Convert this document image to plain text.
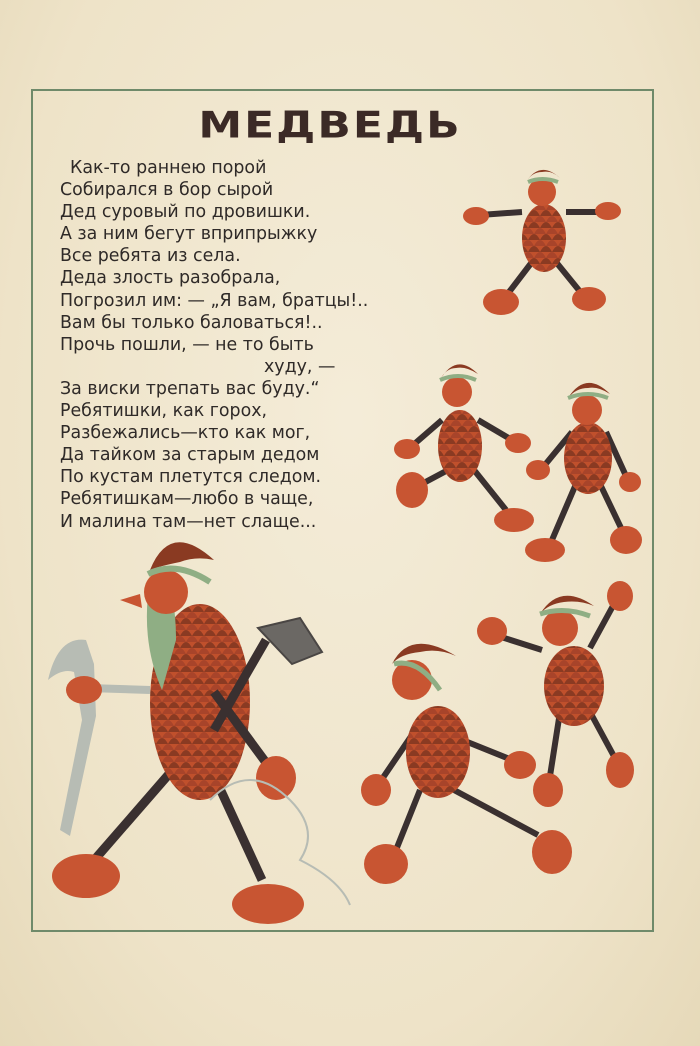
МЕДВЕДЬ
Как-то раннею порой
Собирался в бор сырой
Дед суровый по дровишки.
А за ним бегут вприпрыжку
Все ребята из села.
Деда злость разобрала,
Погрозил им: — „Я вам, братцы!..
Вам бы только баловаться!..
Прочь пошли, — не то быть
худу, —
За виски трепать вас буду.“
Ребятишки, как горох,
Разбежались—кто как мог,
Да тайком за старым дедом
По кустам плетутся следом.
Ребятишкам—любо в чаще,
И малина там—нет слаще...
